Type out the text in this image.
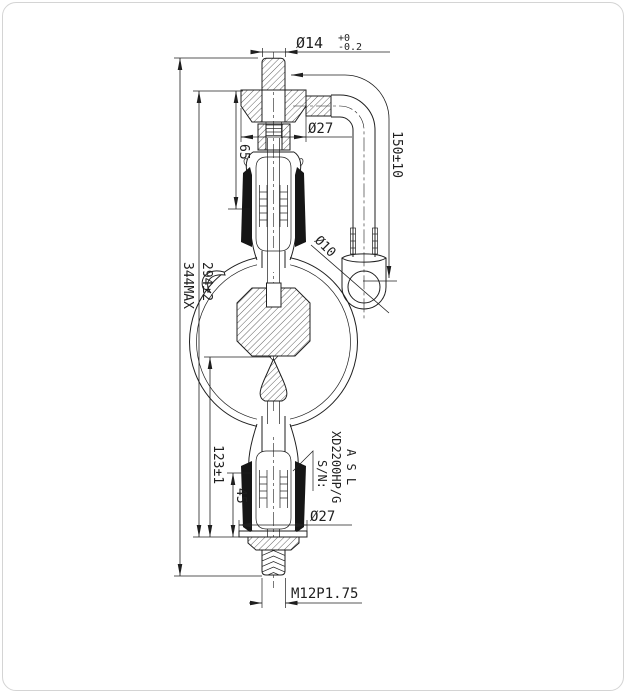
Ø14 +0
-0.2
Ø27
65
294±2
344MAX
123±1
45
Ø27
M12P1.75
150±10
Ø10
A S L
XD2200HP/G
S/N:
